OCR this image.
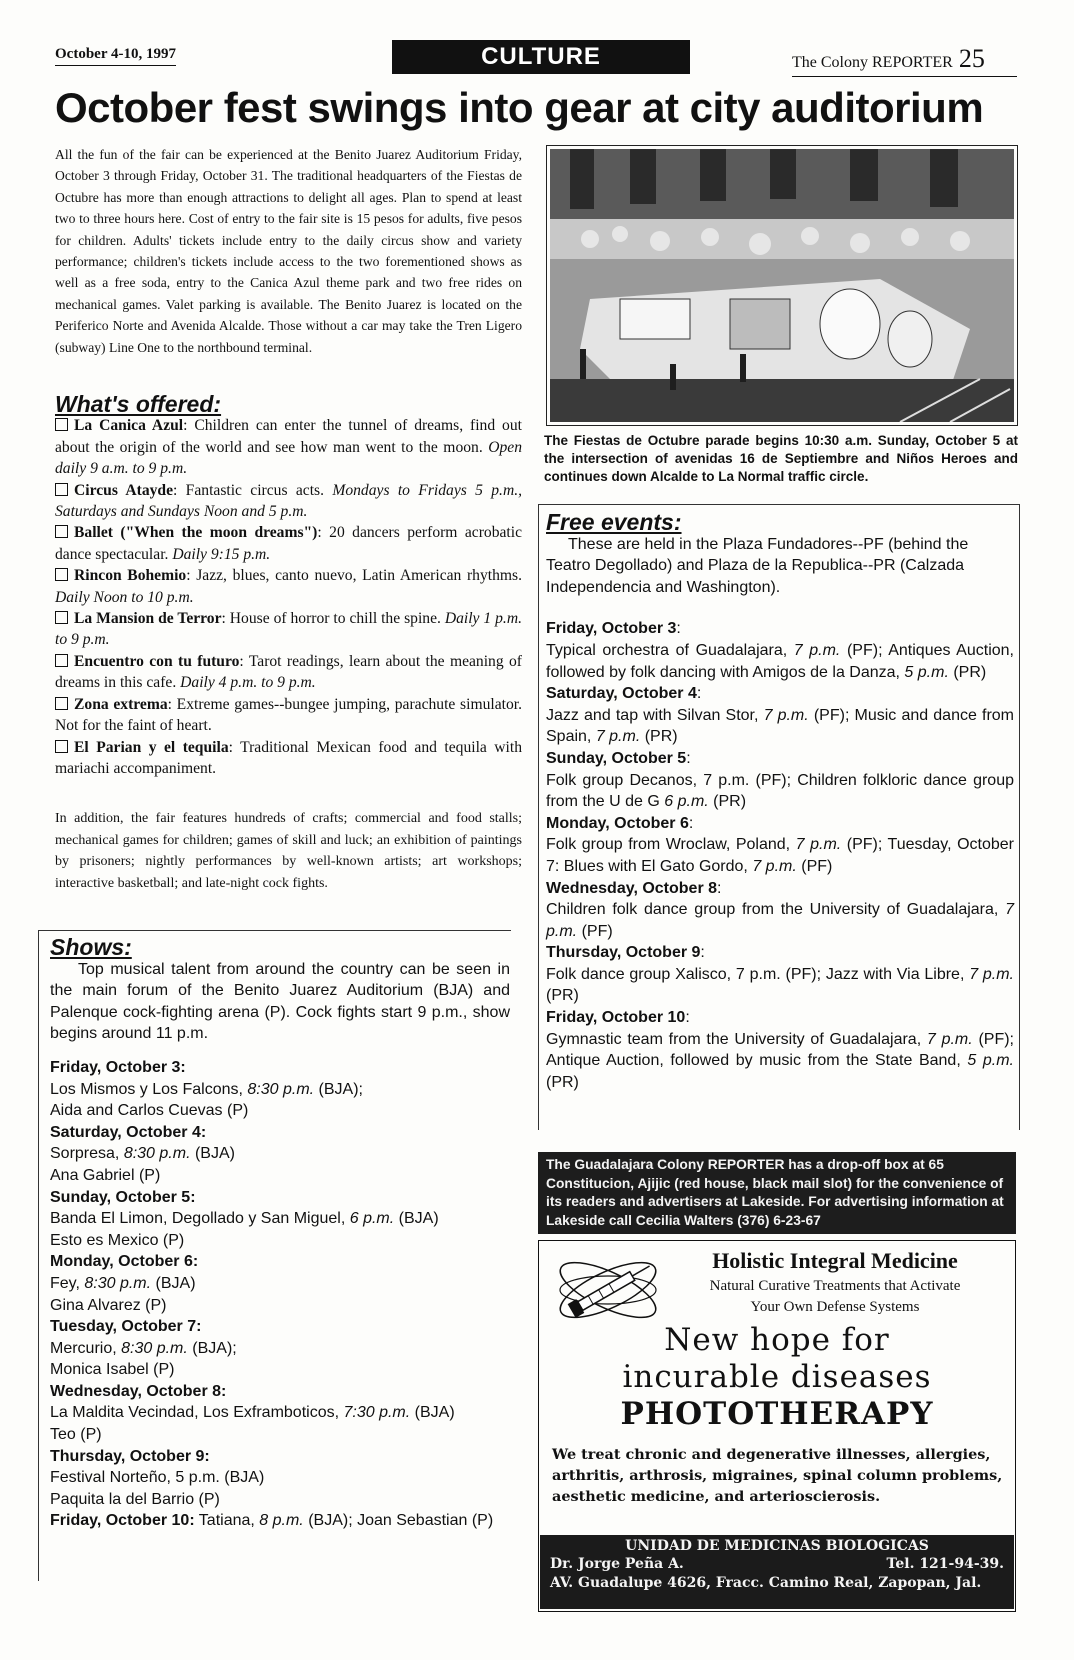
October 4-10, 1997	CULTURE	The Colony REPORTER 25
October fest swings into gear at city auditorium
All the fun of the fair can be experienced at the Benito Juarez Auditorium Friday, October 3 through Friday, October 31. The traditional headquarters of the Fiestas de Octubre has more than enough attractions to delight all ages. Plan to spend at least two to three hours here. Cost of entry to the fair site is 15 pesos for adults, five pesos for children. Adults' tickets include entry to the daily circus show and variety performance; children's tickets include access to the two forementioned shows as well as a free soda, entry to the Canica Azul theme park and two free rides on mechanical games. Valet parking is available. The Benito Juarez is located on the Periferico Norte and Avenida Alcalde. Those without a car may take the Tren Ligero (subway) Line One to the northbound terminal.
What's offered:

La Canica Azul: Children can enter the tunnel of dreams, find out about the origin of the world and see how man went to the moon. Open daily 9 a.m. to 9 p.m.

Circus Atayde: Fantastic circus acts. Mondays to Fridays 5 p.m., Saturdays and Sundays Noon and 5 p.m.

Ballet ("When the moon dreams"): 20 dancers perform acrobatic dance spectacular. Daily 9:15 p.m.

Rincon Bohemio: Jazz, blues, canto nuevo, Latin American rhythms. Daily Noon to 10 p.m.

La Mansion de Terror: House of horror to chill the spine. Daily 1 p.m. to 9 p.m.

Encuentro con tu futuro: Tarot readings, learn about the meaning of dreams in this cafe. Daily 4 p.m. to 9 p.m.

Zona extrema: Extreme games--bungee jumping, parachute simulator. Not for the faint of heart.

El Parian y el tequila: Traditional Mexican food and tequila with mariachi accompaniment.

In addition, the fair features hundreds of crafts; commercial and food stalls; mechanical games for children; games of skill and luck; an exhibition of paintings by prisoners; nightly performances by well-known artists; art workshops; interactive basketball; and late-night cock fights.
Shows:

Top musical talent from around the country can be seen in the main forum of the Benito Juarez Auditorium (BJA) and Palenque cock-fighting arena (P). Cock fights start 9 p.m., show begins around 11 p.m.

Friday, October 3:
Los Mismos y Los Falcons, 8:30 p.m. (BJA);
Aida and Carlos Cuevas (P)
Saturday, October 4:
Sorpresa, 8:30 p.m. (BJA)
Ana Gabriel (P)
Sunday, October 5:
Banda El Limon, Degollado y San Miguel, 6 p.m. (BJA)
Esto es Mexico (P)
Monday, October 6:
Fey, 8:30 p.m. (BJA)
Gina Alvarez (P)
Tuesday, October 7:
Mercurio, 8:30 p.m. (BJA);
Monica Isabel (P)
Wednesday, October 8:
La Maldita Vecindad, Los Exframboticos, 7:30 p.m. (BJA)
Teo (P)
Thursday, October 9:
Festival Norteño, 5 p.m. (BJA)
Paquita la del Barrio (P)
Friday, October 10: Tatiana, 8 p.m. (BJA); Joan Sebastian (P)
The Fiestas de Octubre parade begins 10:30 a.m. Sunday, October 5 at the intersection of avenidas 16 de Septiembre and Niños Heroes and continues down Alcalde to La Normal traffic circle.
Free events:

These are held in the Plaza Fundadores--PF (behind the Teatro Degollado) and Plaza de la Republica--PR (Calzada Independencia and Washington).

Friday, October 3:
Typical orchestra of Guadalajara, 7 p.m. (PF); Antiques Auction, followed by folk dancing with Amigos de la Danza, 5 p.m. (PR)
Saturday, October 4:
Jazz and tap with Silvan Stor, 7 p.m. (PF); Music and dance from Spain, 7 p.m. (PR)
Sunday, October 5:
Folk group Decanos, 7 p.m. (PF); Children folkloric dance group from the U de G 6 p.m. (PR)
Monday, October 6:
Folk group from Wroclaw, Poland, 7 p.m. (PF); Tuesday, October 7: Blues with El Gato Gordo, 7 p.m. (PF)
Wednesday, October 8:
Children folk dance group from the University of Guadalajara, 7 p.m. (PF)
Thursday, October 9:
Folk dance group Xalisco, 7 p.m. (PF); Jazz with Via Libre, 7 p.m. (PR)
Friday, October 10:
Gymnastic team from the University of Guadalajara, 7 p.m. (PF); Antique Auction, followed by music from the State Band, 5 p.m. (PR)
The Guadalajara Colony REPORTER has a drop-off box at 65 Constitucion, Ajijic (red house, black mail slot) for the convenience of its readers and advertisers at Lakeside. For advertising information at Lakeside call Cecilia Walters (376) 6-23-67
Holistic Integral Medicine
Natural Curative Treatments that Activate
Your Own Defense Systems
New hope for
incurable diseases
PHOTOTHERAPY
We treat chronic and degenerative illnesses, allergies, arthritis, arthrosis, migraines, spinal column problems, aesthetic medicine, and arterioscierosis.
UNIDAD DE MEDICINAS BIOLOGICAS
Dr. Jorge Peña A.	Tel. 121-94-39.
AV. Guadalupe 4626, Fracc. Camino Real, Zapopan, Jal.
